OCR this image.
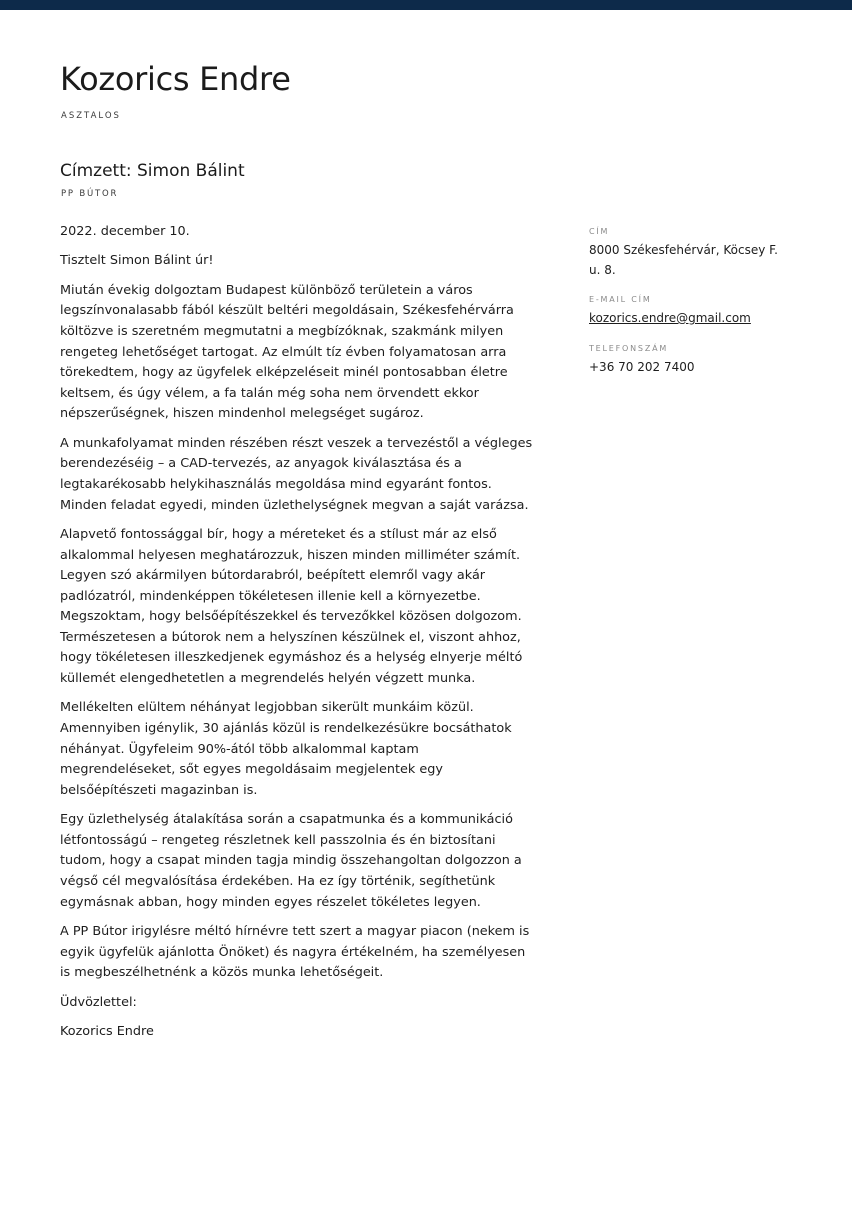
Kozorics Endre
ASZTALOS
Címzett: Simon Bálint
PP BÚTOR

2022. december 10.

Tisztelt Simon Bálint úr!

Miután évekig dolgoztam Budapest különböző területein a város legszínvonalasabb fából készült beltéri megoldásain, Székesfehérvárra költözve is szeretném megmutatni a megbízóknak, szakmánk milyen rengeteg lehetőséget tartogat. Az elmúlt tíz évben folyamatosan arra törekedtem, hogy az ügyfelek elképzeléseit minél pontosabban életre keltsem, és úgy vélem, a fa talán még soha nem örvendett ekkor népszerűségnek, hiszen mindenhol melegséget sugároz.

A munkafolyamat minden részében részt veszek a tervezéstől a végleges berendezéséig – a CAD-tervezés, az anyagok kiválasztása és a legtakarékosabb helykihasználás megoldása mind egyaránt fontos. Minden feladat egyedi, minden üzlethelységnek megvan a saját varázsa.

Alapvető fontossággal bír, hogy a méreteket és a stílust már az első alkalommal helyesen meghatározzuk, hiszen minden milliméter számít. Legyen szó akármilyen bútordarabról, beépített elemről vagy akár padlózatról, mindenképpen tökéletesen illenie kell a környezetbe. Megszoktam, hogy belsőépítészekkel és tervezőkkel közösen dolgozom. Természetesen a bútorok nem a helyszínen készülnek el, viszont ahhoz, hogy tökéletesen illeszkedjenek egymáshoz és a helység elnyerje méltó küllemét elengedhetetlen a megrendelés helyén végzett munka.

Mellékelten elültem néhányat legjobban sikerült munkáim közül. Amennyiben igénylik, 30 ajánlás közül is rendelkezésükre bocsáthatok néhányat. Ügyfeleim 90%-ától több alkalommal kaptam megrendeléseket, sőt egyes megoldásaim megjelentek egy belsőépítészeti magazinban is.

Egy üzlethelység átalakítása során a csapatmunka és a kommunikáció létfontosságú – rengeteg részletnek kell passzolnia és én biztosítani tudom, hogy a csapat minden tagja mindig összehangoltan dolgozzon a végső cél megvalósítása érdekében. Ha ez így történik, segíthetünk egymásnak abban, hogy minden egyes részelet tökéletes legyen.

A PP Bútor irigylésre méltó hírnévre tett szert a magyar piacon (nekem is egyik ügyfelük ajánlotta Önöket) és nagyra értékelném, ha személyesen is megbeszélhetnénk a közös munka lehetőségeit.

Üdvözlettel:

Kozorics Endre

CÍM
8000 Székesfehérvár, Köcsey F. u. 8.
E-MAIL CÍM
kozorics.endre@gmail.com
TELEFONSZÁM
+36 70 202 7400
